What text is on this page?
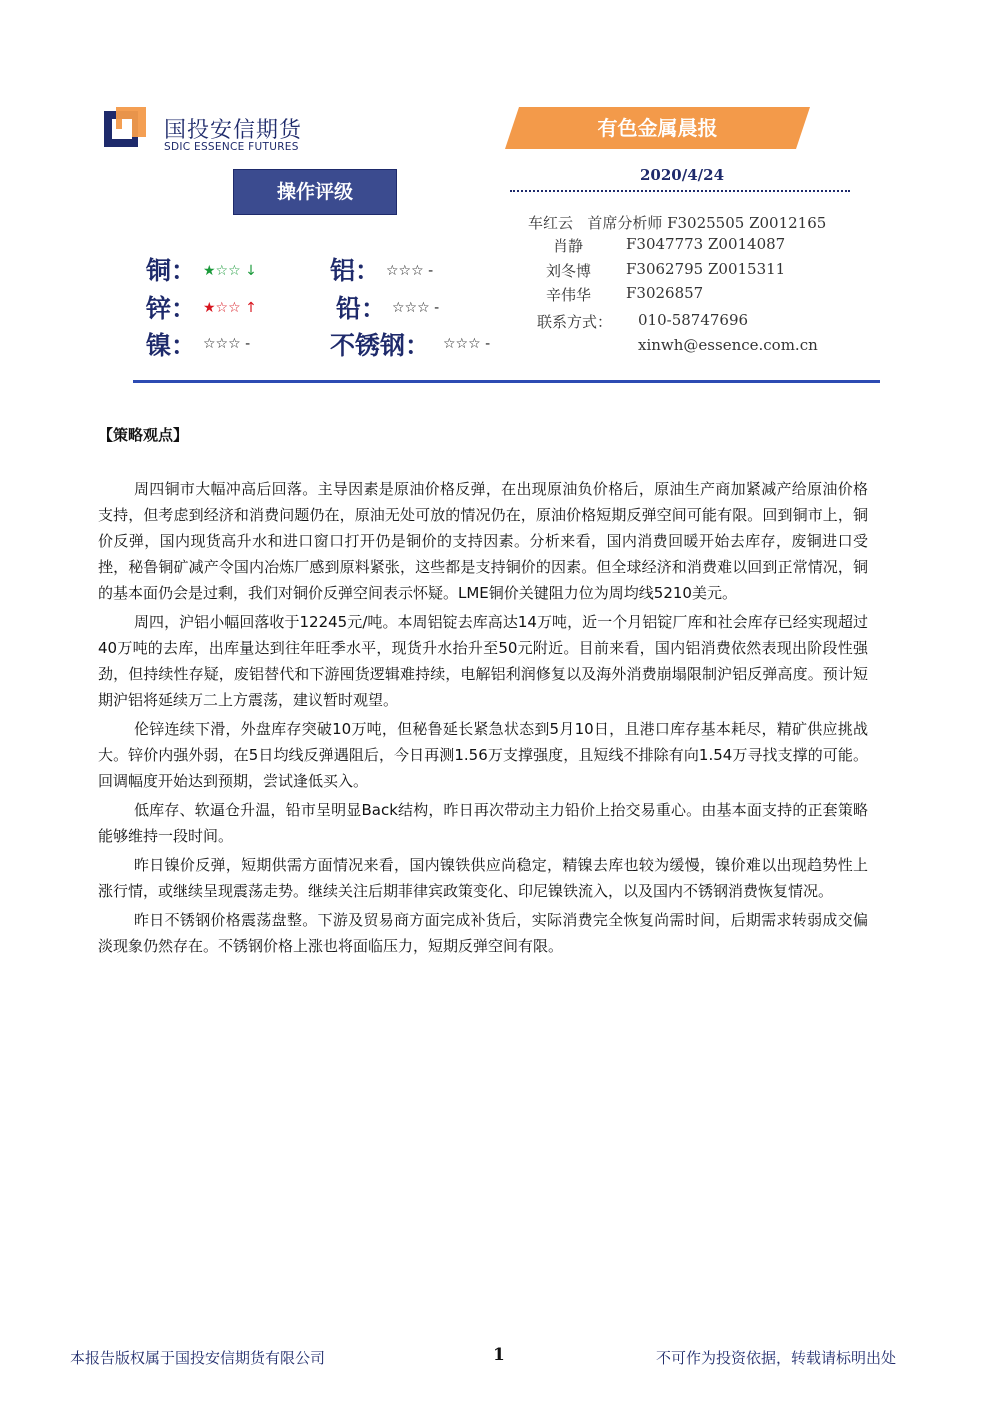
国投安信期货
SDIC ESSENCE FUTURES
有色金属晨报
2020/4/24
操作评级
铜： ★☆☆ ↓	铝： ☆☆☆ -
锌： ★☆☆ ↑	铅： ☆☆☆ -
镍： ☆☆☆ -	不锈钢： ☆☆☆ -
车红云 首席分析师 F3025505 Z0012165
肖静	F3047773 Z0014087
刘冬博 F3062795 Z0015311
辛伟华 F3026857
联系方式： 010-58747696
xinwh@essence.com.cn
【策略观点】

周四铜市大幅冲高后回落。主导因素是原油价格反弹，在出现原油负价格后，原油生产商加紧减产给原油价格支持，但考虑到经济和消费问题仍在，原油无处可放的情况仍在，原油价格短期反弹空间可能有限。回到铜市上，铜价反弹，国内现货高升水和进口窗口打开仍是铜价的支持因素。分析来看，国内消费回暖开始去库存，废铜进口受挫，秘鲁铜矿减产令国内冶炼厂感到原料紧张，这些都是支持铜价的因素。但全球经济和消费难以回到正常情况，铜的基本面仍会是过剩，我们对铜价反弹空间表示怀疑。LME铜价关键阻力位为周均线5210美元。

周四，沪铝小幅回落收于12245元/吨。本周铝锭去库高达14万吨，近一个月铝锭厂库和社会库存已经实现超过40万吨的去库，出库量达到往年旺季水平，现货升水抬升至50元附近。目前来看，国内铝消费依然表现出阶段性强劲，但持续性存疑，废铝替代和下游囤货逻辑难持续，电解铝利润修复以及海外消费崩塌限制沪铝反弹高度。预计短期沪铝将延续万二上方震荡，建议暂时观望。

伦锌连续下滑，外盘库存突破10万吨，但秘鲁延长紧急状态到5月10日，且港口库存基本耗尽，精矿供应挑战大。锌价内强外弱，在5日均线反弹遇阻后，今日再测1.56万支撑强度，且短线不排除有向1.54万寻找支撑的可能。回调幅度开始达到预期，尝试逢低买入。

低库存、软逼仓升温，铅市呈明显Back结构，昨日再次带动主力铅价上抬交易重心。由基本面支持的正套策略能够维持一段时间。

昨日镍价反弹，短期供需方面情况来看，国内镍铁供应尚稳定，精镍去库也较为缓慢，镍价难以出现趋势性上涨行情，或继续呈现震荡走势。继续关注后期菲律宾政策变化、印尼镍铁流入，以及国内不锈钢消费恢复情况。

昨日不锈钢价格震荡盘整。下游及贸易商方面完成补货后，实际消费完全恢复尚需时间，后期需求转弱成交偏淡现象仍然存在。不锈钢价格上涨也将面临压力，短期反弹空间有限。

本报告版权属于国投安信期货有限公司	1	不可作为投资依据，转载请标明出处
